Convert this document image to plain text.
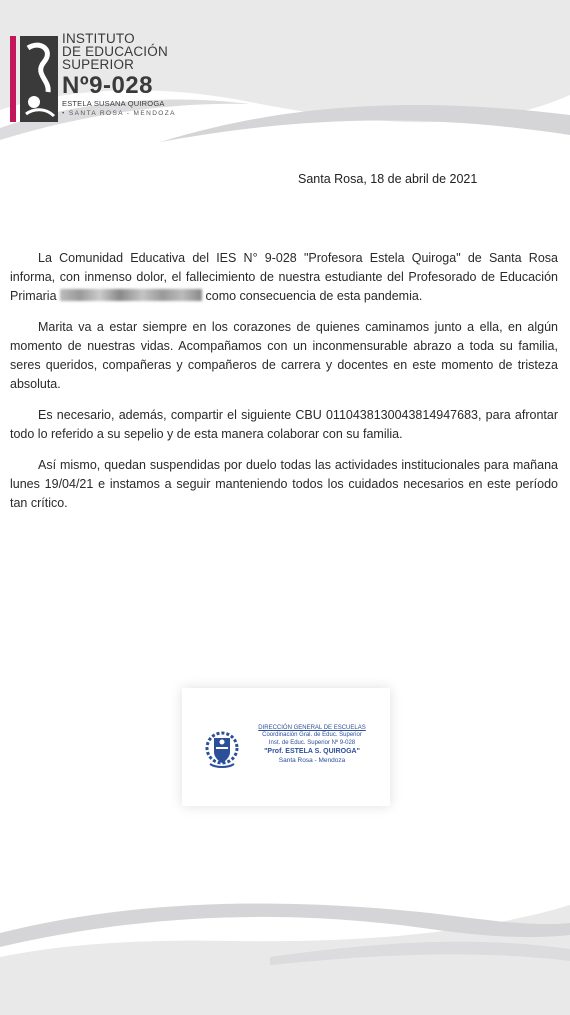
INSTITUTO
DE EDUCACIÓN
SUPERIOR
Nº9-028
ESTELA SUSANA QUIROGA
• SANTA ROSA - MENDOZA
Santa Rosa, 18 de abril de 2021

La Comunidad Educativa del IES N° 9-028 "Profesora Estela Quiroga" de Santa Rosa informa, con inmenso dolor, el fallecimiento de nuestra estudiante del Profesorado de Educación Primaria	como consecuencia de esta pandemia.

Marita va a estar siempre en los corazones de quienes caminamos junto a ella, en algún momento de nuestras vidas. Acompañamos con un inconmensurable abrazo a toda su familia, seres queridos, compañeras y compañeros de carrera y docentes en este momento de tristeza absoluta.

Es necesario, además, compartir el siguiente CBU 0110438130043814947683, para afrontar todo lo referido a su sepelio y de esta manera colaborar con su familia.

Así mismo, quedan suspendidas por duelo todas las actividades institucionales para mañana lunes 19/04/21 e instamos a seguir manteniendo todos los cuidados necesarios en este período tan crítico.

DIRECCIÓN GENERAL DE ESCUELAS
Coordinación Gral. de Educ. Superior
Inst. de Educ. Superior Nº 9-028
"Prof. ESTELA S. QUIROGA"
Santa Rosa - Mendoza
